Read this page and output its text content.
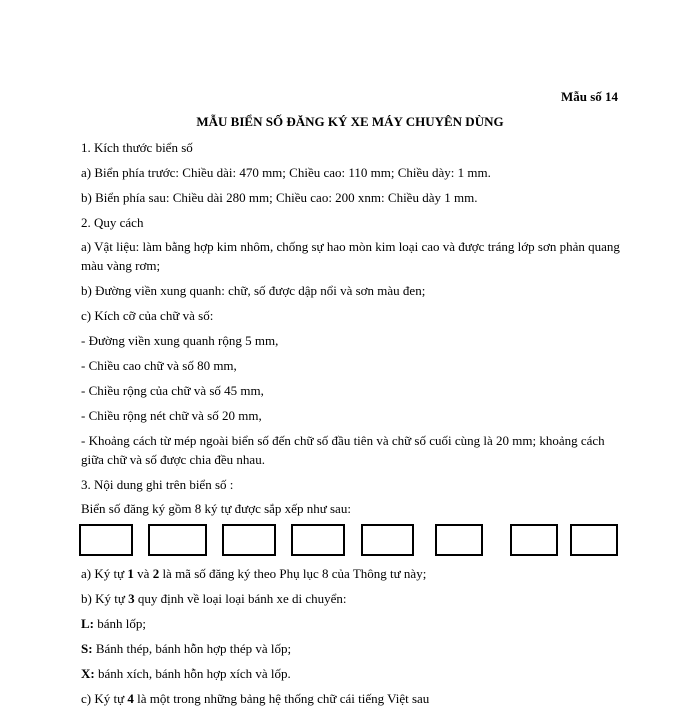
Mẫu số 14
MẪU BIỂN SỐ ĐĂNG KÝ XE MÁY CHUYÊN DÙNG
1. Kích thước biển số
a) Biển phía trước: Chiều dài: 470 mm; Chiều cao: 110 mm; Chiều dày: 1 mm.
b) Biển phía sau: Chiều dài 280 mm; Chiều cao: 200 xnm: Chiều dày 1 mm.
2. Quy cách
a) Vật liệu: làm bằng hợp kim nhôm, chống sự hao mòn kim loại cao và được tráng lớp sơn phản quang màu vàng rơm;
b) Đường viền xung quanh: chữ, số được dập nổi và sơn màu đen;
c) Kích cỡ của chữ và số:
- Đường viền xung quanh rộng 5 mm,
- Chiều cao chữ và số 80 mm,
- Chiều rộng của chữ và số 45 mm,
- Chiều rộng nét chữ và số 20 mm,
- Khoảng cách từ mép ngoài biển số đến chữ số đầu tiên và chữ số cuối cùng là 20 mm; khoảng cách giữa chữ và số được chia đều nhau.
3. Nội dung ghi trên biển số :
Biển số đăng ký gồm 8 ký tự được sắp xếp như sau:
a) Ký tự 1 và 2 là mã số đăng ký theo Phụ lục 8 của Thông tư này;
b) Ký tự 3 quy định về loại loại bánh xe di chuyển:
L: bánh lốp;
S: Bánh thép, bánh hỗn hợp thép và lốp;
X: bánh xích, bánh hỗn hợp xích và lốp.
c) Ký tự 4 là một trong những bảng hệ thống chữ cái tiếng Việt sau
